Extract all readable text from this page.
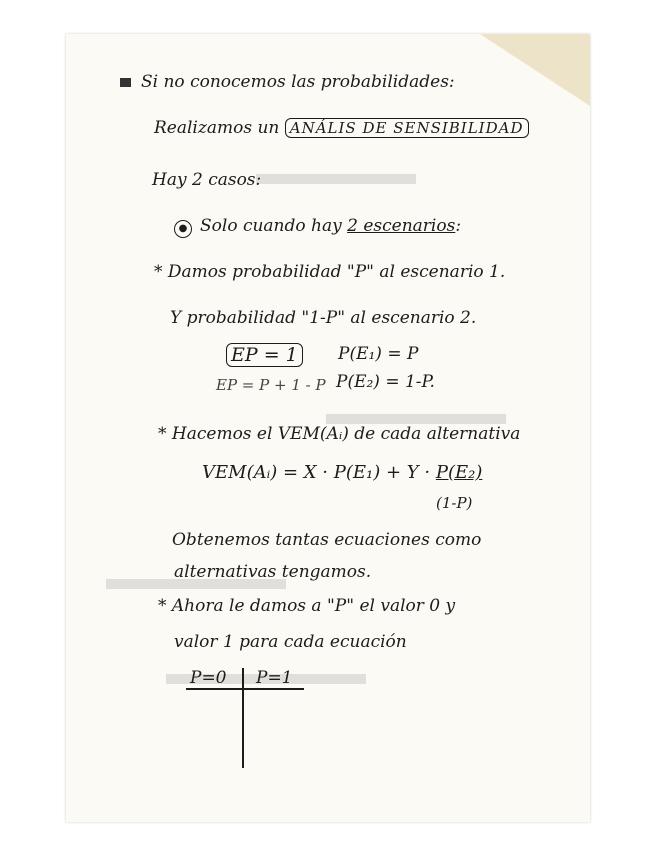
Si no conocemos las probabilidades:
Realizamos un ANÁLIS DE SENSIBILIDAD
Hay 2 casos:
● Solo cuando hay 2 escenarios:
* Damos probabilidad "P" al escenario 1.
Y probabilidad "1-P" al escenario 2.
EP = 1 P(E₁) = P
EP = P + 1 - P P(E₂) = 1-P.
* Hacemos el VEM(Aᵢ) de cada alternativa
VEM(Aᵢ) = X · P(E₁) + Y · P(E₂)
(1-P)
Obtenemos tantas ecuaciones como
alternativas tengamos.
* Ahora le damos a "P" el valor 0 y
valor 1 para cada ecuación
P=0 P=1
